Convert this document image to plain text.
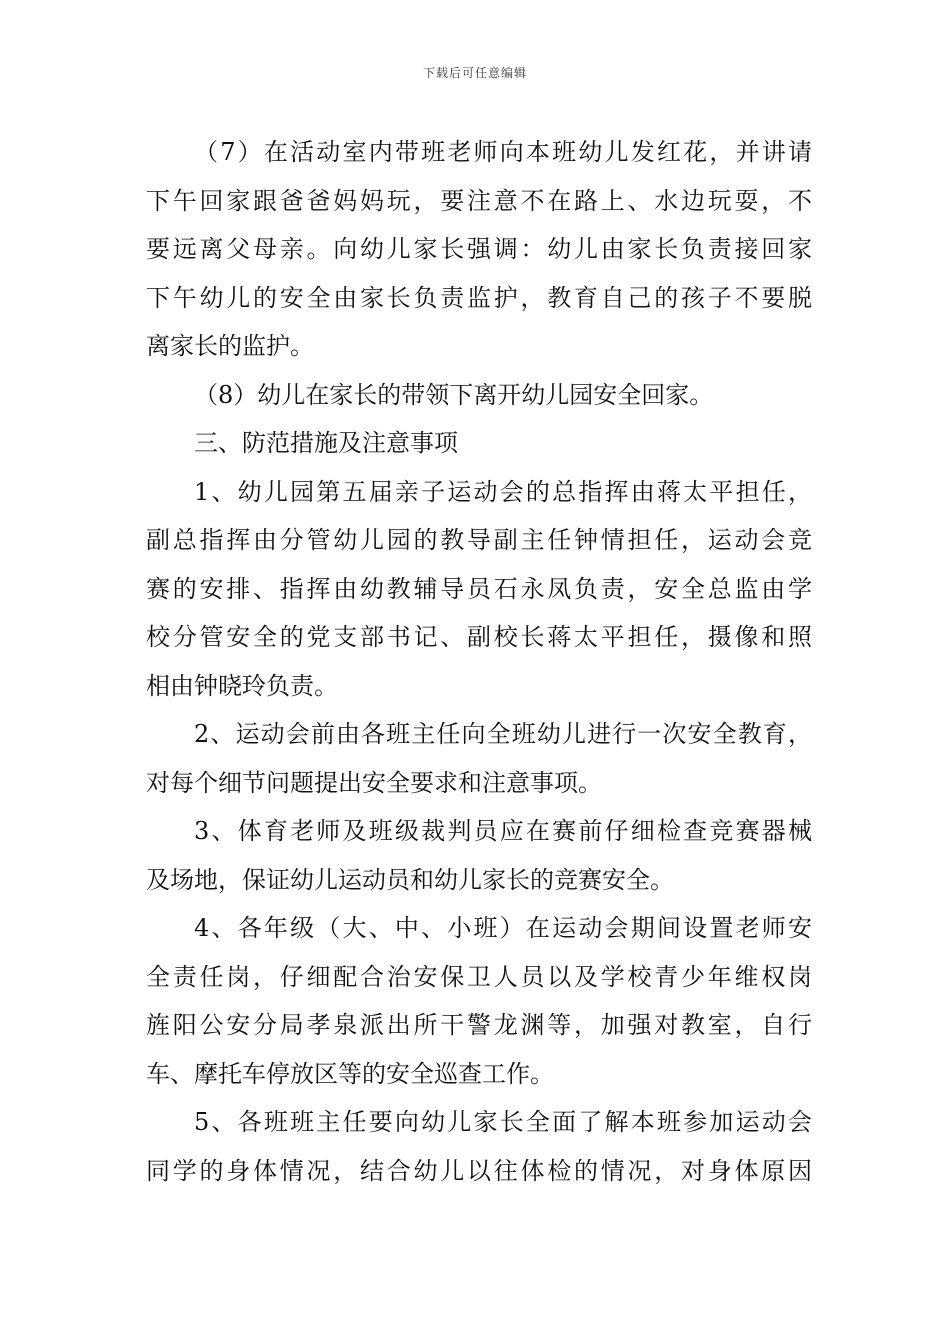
下载后可任意编辑
（7）在活动室内带班老师向本班幼儿发红花，并讲请
下午回家跟爸爸妈妈玩，要注意不在路上、水边玩耍，不
要远离父母亲。向幼儿家长强调：幼儿由家长负责接回家
下午幼儿的安全由家长负责监护，教育自己的孩子不要脱
离家长的监护。
（8）幼儿在家长的带领下离开幼儿园安全回家。
三、防范措施及注意事项
1、幼儿园第五届亲子运动会的总指挥由蒋太平担任，
副总指挥由分管幼儿园的教导副主任钟情担任，运动会竞
赛的安排、指挥由幼教辅导员石永凤负责，安全总监由学
校分管安全的党支部书记、副校长蒋太平担任，摄像和照
相由钟晓玲负责。
2、运动会前由各班主任向全班幼儿进行一次安全教育，
对每个细节问题提出安全要求和注意事项。
3、体育老师及班级裁判员应在赛前仔细检查竞赛器械
及场地，保证幼儿运动员和幼儿家长的竞赛安全。
4、各年级（大、中、小班）在运动会期间设置老师安
全责任岗，仔细配合治安保卫人员以及学校青少年维权岗
旌阳公安分局孝泉派出所干警龙渊等，加强对教室，自行
车、摩托车停放区等的安全巡查工作。
5、各班班主任要向幼儿家长全面了解本班参加运动会
同学的身体情况，结合幼儿以往体检的情况，对身体原因
